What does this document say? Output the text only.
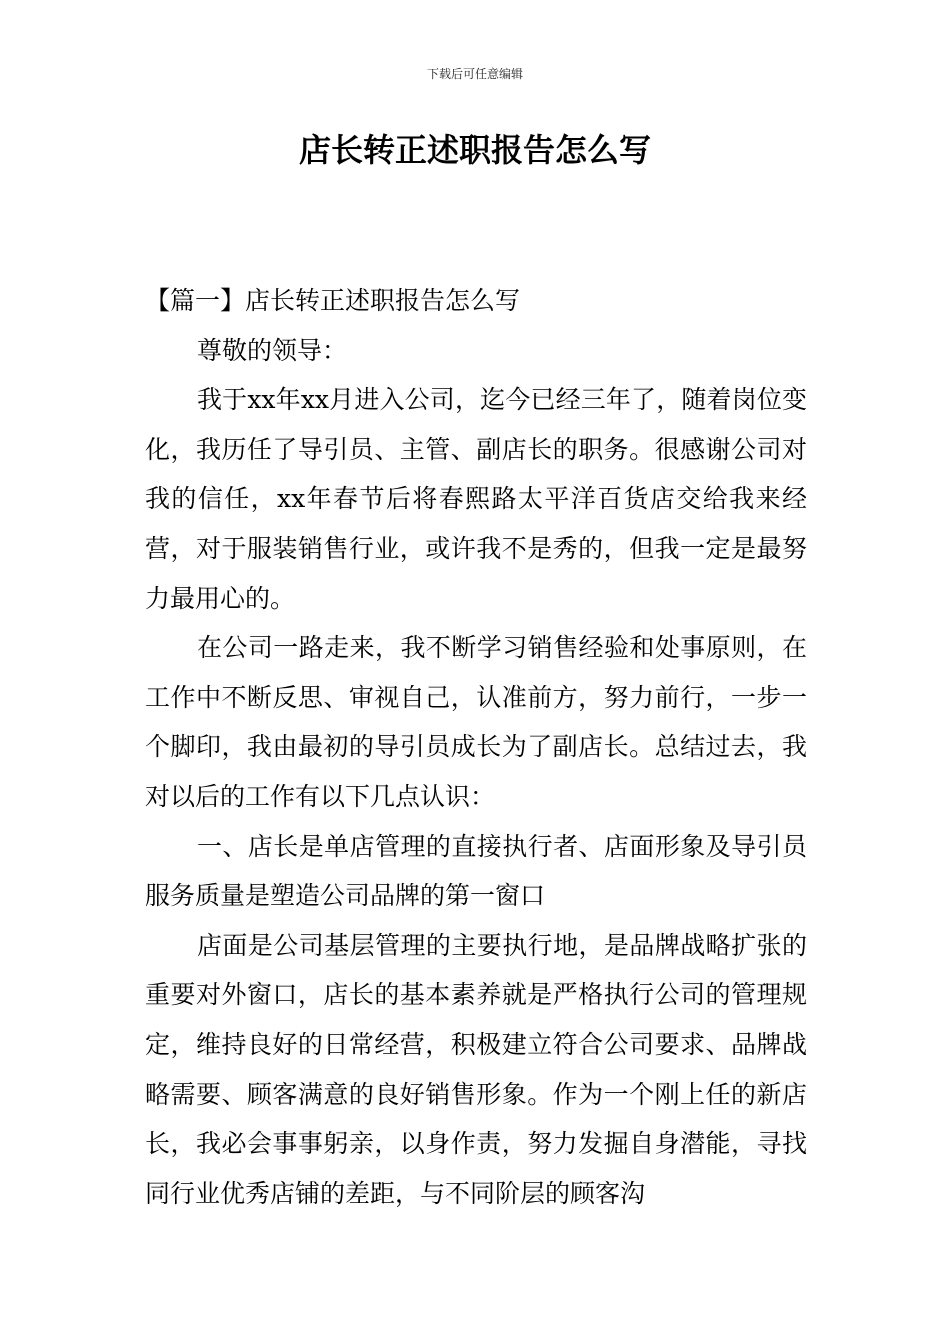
下载后可任意编辑
店长转正述职报告怎么写

【篇一】店长转正述职报告怎么写

尊敬的领导：

我于xx年xx月进入公司，迄今已经三年了，随着岗位变化，我历任了导引员、主管、副店长的职务。很感谢公司对我的信任，xx年春节后将春熙路太平洋百货店交给我来经营，对于服装销售行业，或许我不是秀的，但我一定是最努力最用心的。

在公司一路走来，我不断学习销售经验和处事原则，在工作中不断反思、审视自己，认准前方，努力前行，一步一个脚印，我由最初的导引员成长为了副店长。总结过去，我对以后的工作有以下几点认识：

一、店长是单店管理的直接执行者、店面形象及导引员服务质量是塑造公司品牌的第一窗口

店面是公司基层管理的主要执行地，是品牌战略扩张的重要对外窗口，店长的基本素养就是严格执行公司的管理规定，维持良好的日常经营，积极建立符合公司要求、品牌战略需要、顾客满意的良好销售形象。作为一个刚上任的新店长，我必会事事躬亲，以身作责，努力发掘自身潜能，寻找同行业优秀店铺的差距，与不同阶层的顾客沟
